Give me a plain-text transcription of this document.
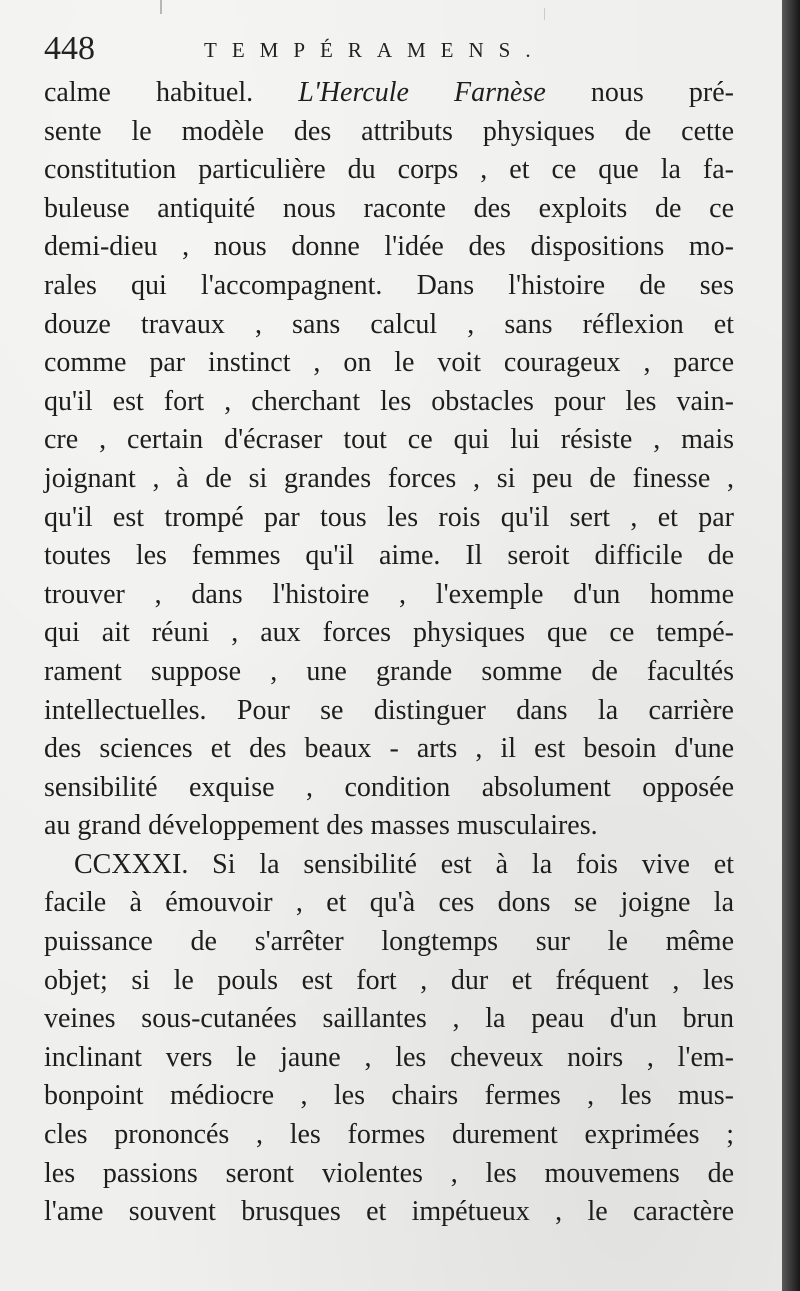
448	TEMPÉRAMENS.
calme habituel. L'Hercule Farnèse nous pré-
sente le modèle des attributs physiques de cette
constitution particulière du corps , et ce que la fa-
buleuse antiquité nous raconte des exploits de ce
demi-dieu , nous donne l'idée des dispositions mo-
rales qui l'accompagnent. Dans l'histoire de ses
douze travaux , sans calcul , sans réflexion et
comme par instinct , on le voit courageux , parce
qu'il est fort , cherchant les obstacles pour les vain-
cre , certain d'écraser tout ce qui lui résiste , mais
joignant , à de si grandes forces , si peu de finesse ,
qu'il est trompé par tous les rois qu'il sert , et par
toutes les femmes qu'il aime. Il seroit difficile de
trouver , dans l'histoire , l'exemple d'un homme
qui ait réuni , aux forces physiques que ce tempé-
rament suppose , une grande somme de facultés
intellectuelles. Pour se distinguer dans la carrière
des sciences et des beaux - arts , il est besoin d'une
sensibilité exquise , condition absolument opposée
au grand développement des masses musculaires.
CCXXXI. Si la sensibilité est à la fois vive et
facile à émouvoir , et qu'à ces dons se joigne la
puissance de s'arrêter longtemps sur le même
objet; si le pouls est fort , dur et fréquent , les
veines sous-cutanées saillantes , la peau d'un brun
inclinant vers le jaune , les cheveux noirs , l'em-
bonpoint médiocre , les chairs fermes , les mus-
cles prononcés , les formes durement exprimées ;
les passions seront violentes , les mouvemens de
l'ame souvent brusques et impétueux , le caractère
